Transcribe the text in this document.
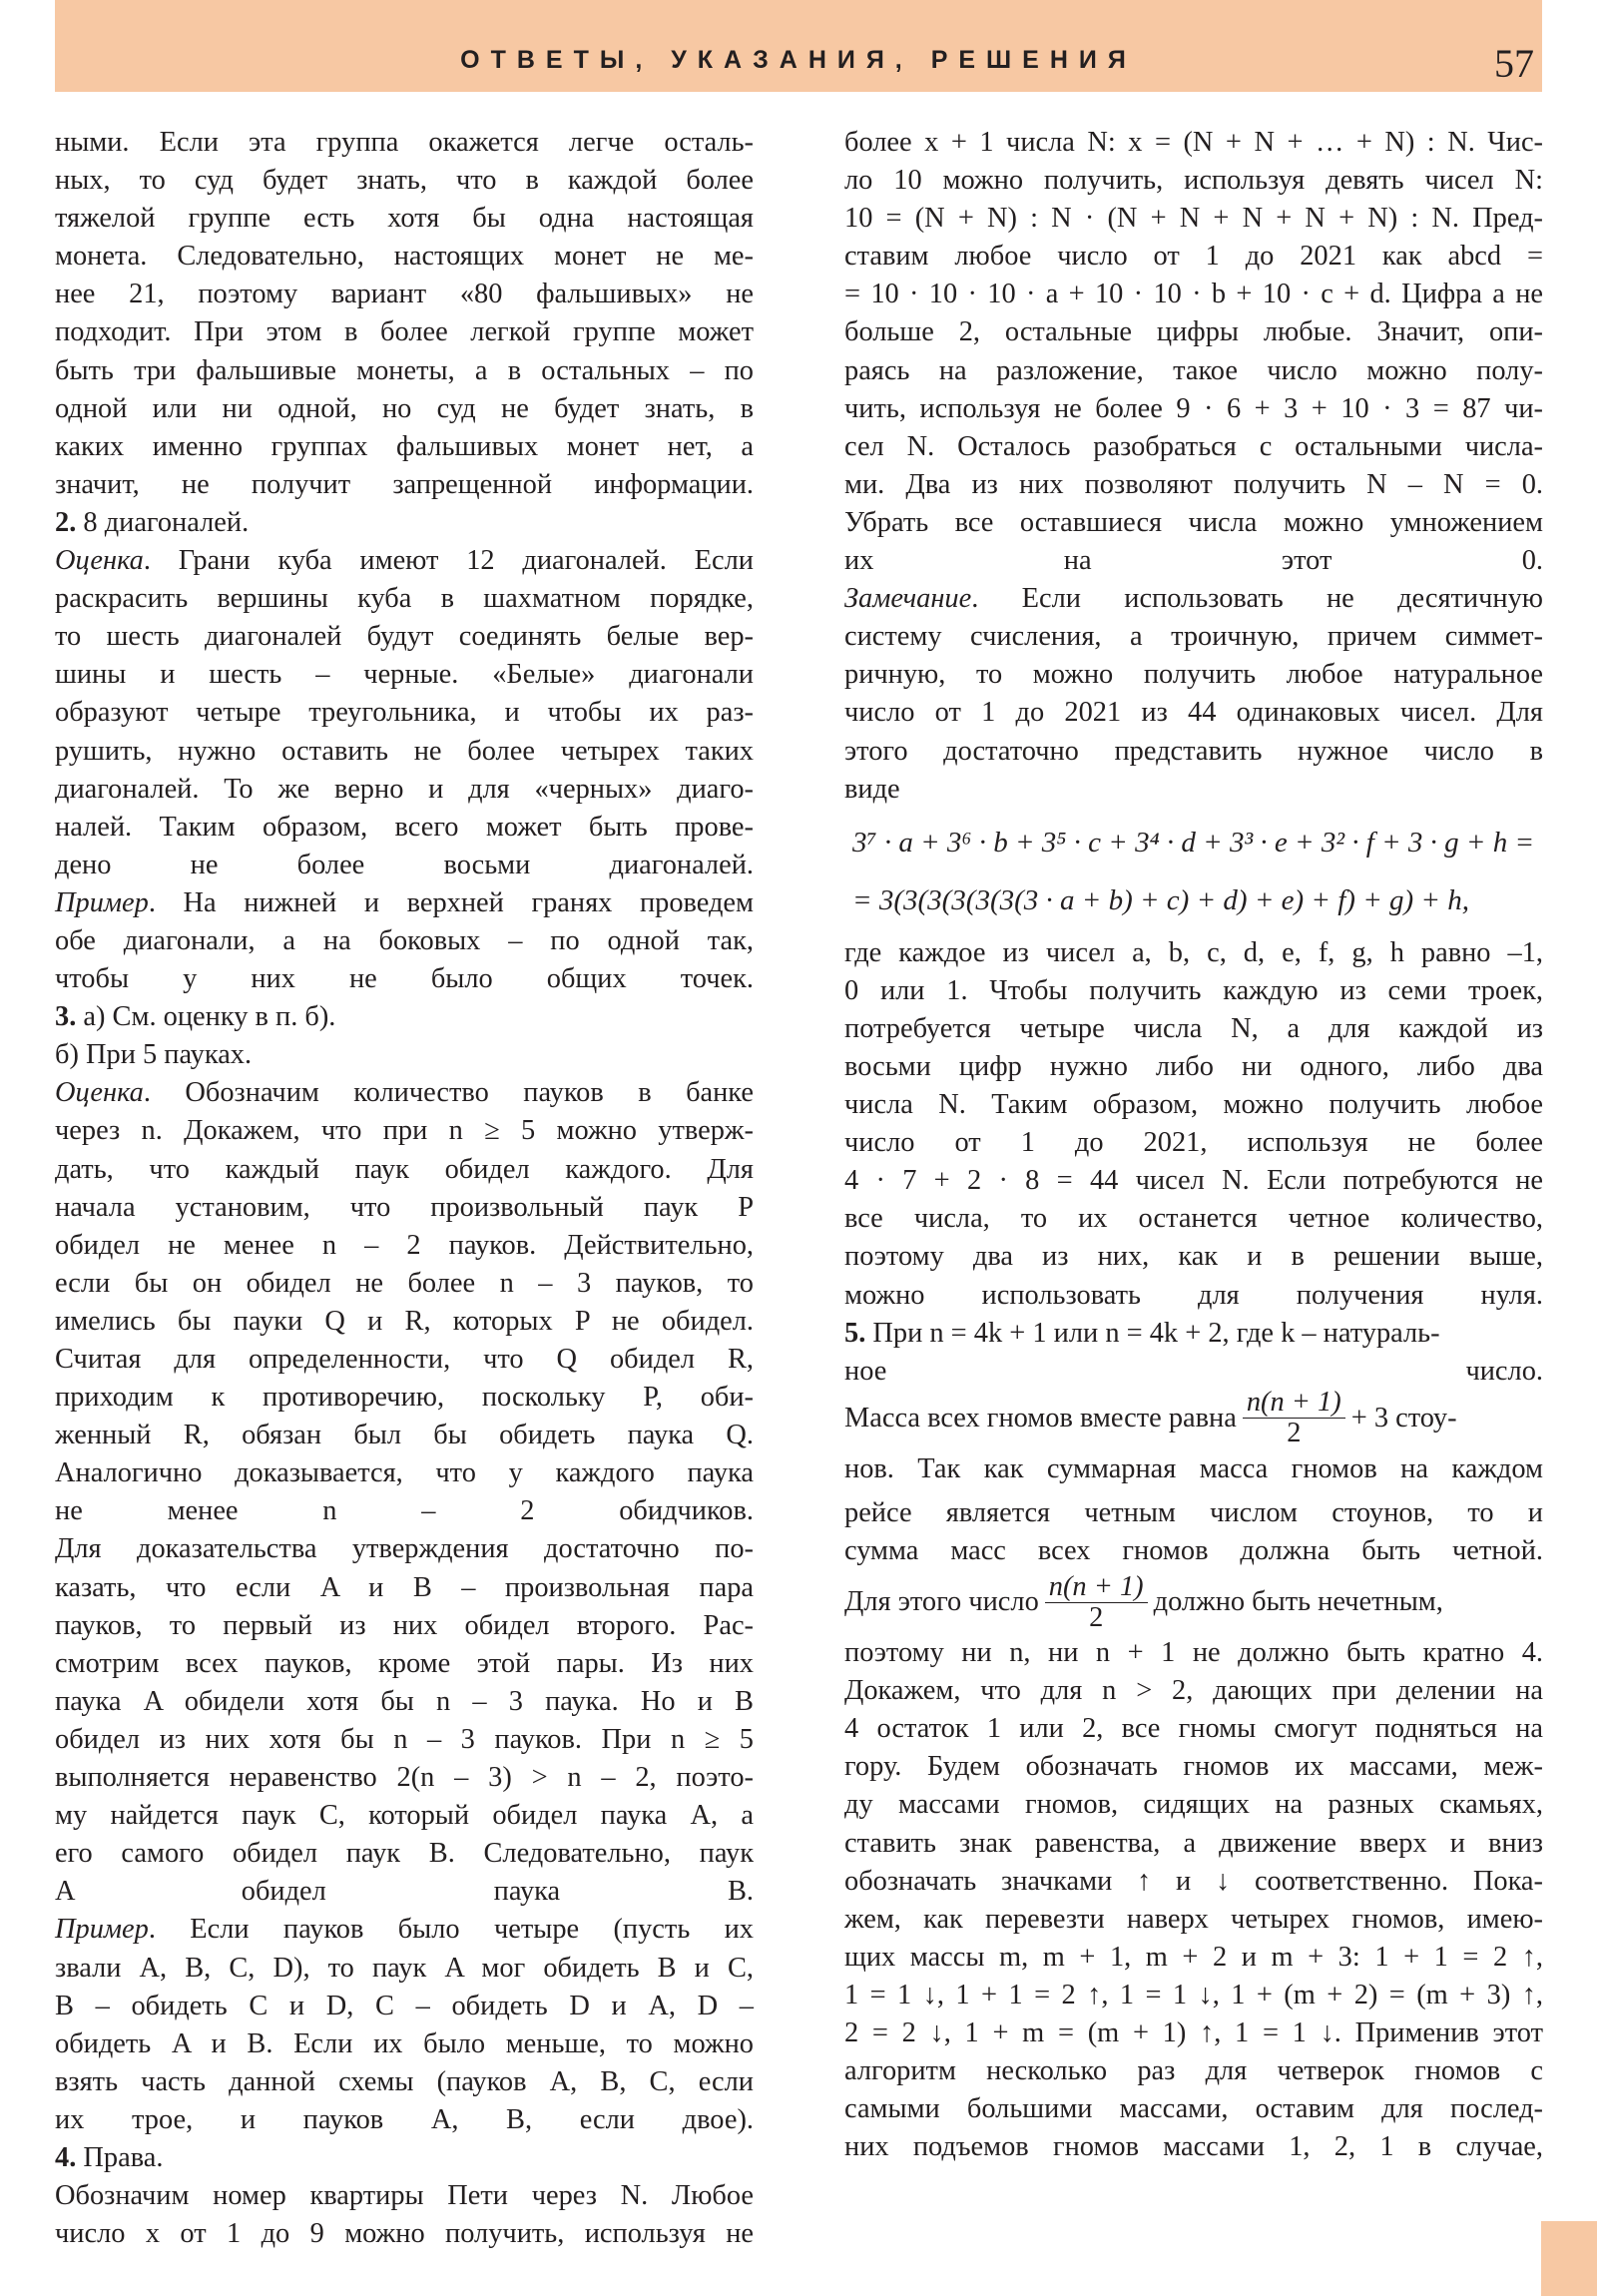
ОТВЕТЫ, УКАЗАНИЯ, РЕШЕНИЯ	57
ными. Если эта группа окажется легче осталь-
ных, то суд будет знать, что в каждой более
тяжелой группе есть хотя бы одна настоящая
монета. Следовательно, настоящих монет не ме-
нее 21, поэтому вариант «80 фальшивых» не
подходит. При этом в более легкой группе может
быть три фальшивые монеты, а в остальных – по
одной или ни одной, но суд не будет знать, в
каких именно группах фальшивых монет нет, а
значит, не получит запрещенной информации.
2. 8 диагоналей.
Оценка. Грани куба имеют 12 диагоналей. Если
раскрасить вершины куба в шахматном порядке,
то шесть диагоналей будут соединять белые вер-
шины и шесть – черные. «Белые» диагонали
образуют четыре треугольника, и чтобы их раз-
рушить, нужно оставить не более четырех таких
диагоналей. То же верно и для «черных» диаго-
налей. Таким образом, всего может быть прове-
дено не более восьми диагоналей.
Пример. На нижней и верхней гранях проведем
обе диагонали, а на боковых – по одной так,
чтобы у них не было общих точек.
3. а) См. оценку в п. б).
б) При 5 пауках.
Оценка. Обозначим количество пауков в банке
через n. Докажем, что при n ≥ 5 можно утверж-
дать, что каждый паук обидел каждого. Для
начала установим, что произвольный паук P
обидел не менее n – 2 пауков. Действительно,
если бы он обидел не более n – 3 пауков, то
имелись бы пауки Q и R, которых P не обидел.
Считая для определенности, что Q обидел R,
приходим к противоречию, поскольку P, оби-
женный R, обязан был бы обидеть паука Q.
Аналогично доказывается, что у каждого паука
не менее n – 2 обидчиков.
Для доказательства утверждения достаточно по-
казать, что если A и B – произвольная пара
пауков, то первый из них обидел второго. Рас-
смотрим всех пауков, кроме этой пары. Из них
паука A обидели хотя бы n – 3 паука. Но и B
обидел из них хотя бы n – 3 пауков. При n ≥ 5
выполняется неравенство 2(n – 3) > n – 2, поэто-
му найдется паук C, который обидел паука A, а
его самого обидел паук B. Следовательно, паук
A обидел паука B.
Пример. Если пауков было четыре (пусть их
звали A, B, C, D), то паук A мог обидеть B и C,
B – обидеть C и D, C – обидеть D и A, D –
обидеть A и B. Если их было меньше, то можно
взять часть данной схемы (пауков A, B, C, если
их трое, и пауков A, B, если двое).
4. Права.
Обозначим номер квартиры Пети через N. Любое
число x от 1 до 9 можно получить, используя не
более x + 1 числа N: x = (N + N + … + N) : N. Чис-
ло 10 можно получить, используя девять чисел N:
10 = (N + N) : N · (N + N + N + N + N) : N. Пред-
ставим любое число от 1 до 2021 как abcd =
= 10 · 10 · 10 · a + 10 · 10 · b + 10 · c + d. Цифра a не
больше 2, остальные цифры любые. Значит, опи-
раясь на разложение, такое число можно полу-
чить, используя не более 9 · 6 + 3 + 10 · 3 = 87 чи-
сел N. Осталось разобраться с остальными числа-
ми. Два из них позволяют получить N – N = 0.
Убрать все оставшиеся числа можно умножением
их на этот 0.
Замечание. Если использовать не десятичную
систему счисления, а троичную, причем симмет-
ричную, то можно получить любое натуральное
число от 1 до 2021 из 44 одинаковых чисел. Для
этого достаточно представить нужное число в
виде
3⁷ · a + 3⁶ · b + 3⁵ · c + 3⁴ · d + 3³ · e + 3² · f + 3 · g + h =
= 3(3(3(3(3(3(3 · a + b) + c) + d) + e) + f) + g) + h,
где каждое из чисел a, b, c, d, e, f, g, h равно –1,
0 или 1. Чтобы получить каждую из семи троек,
потребуется четыре числа N, а для каждой из
восьми цифр нужно либо ни одного, либо два
числа N. Таким образом, можно получить любое
число от 1 до 2021, используя не более
4 · 7 + 2 · 8 = 44 чисел N. Если потребуются не
все числа, то их останется четное количество,
поэтому два из них, как и в решении выше,
можно использовать для получения нуля.
5. При n = 4k + 1 или n = 4k + 2, где k – натураль-
ное число.
Масса всех гномов вместе равна $\frac{n(n + 1)}{2} + 3$ стоу-
нов. Так как суммарная масса гномов на каждом
рейсе является четным числом стоунов, то и
сумма масс всех гномов должна быть четной.
Для этого число $\frac{n(n + 1)}{2}$ должно быть нечетным,
поэтому ни n, ни n + 1 не должно быть кратно 4.
Докажем, что для n > 2, дающих при делении на
4 остаток 1 или 2, все гномы смогут подняться на
гору. Будем обозначать гномов их массами, меж-
ду массами гномов, сидящих на разных скамьях,
ставить знак равенства, а движение вверх и вниз
обозначать значками ↑ и ↓ соответственно. Пока-
жем, как перевезти наверх четырех гномов, имею-
щих массы m, m + 1, m + 2 и m + 3: 1 + 1 = 2 ↑,
1 = 1 ↓, 1 + 1 = 2 ↑, 1 = 1 ↓, 1 + (m + 2) = (m + 3) ↑,
2 = 2 ↓, 1 + m = (m + 1) ↑, 1 = 1 ↓. Применив этот
алгоритм несколько раз для четверок гномов с
самыми большими массами, оставим для послед-
них подъемов гномов массами 1, 2, 1 в случае,
